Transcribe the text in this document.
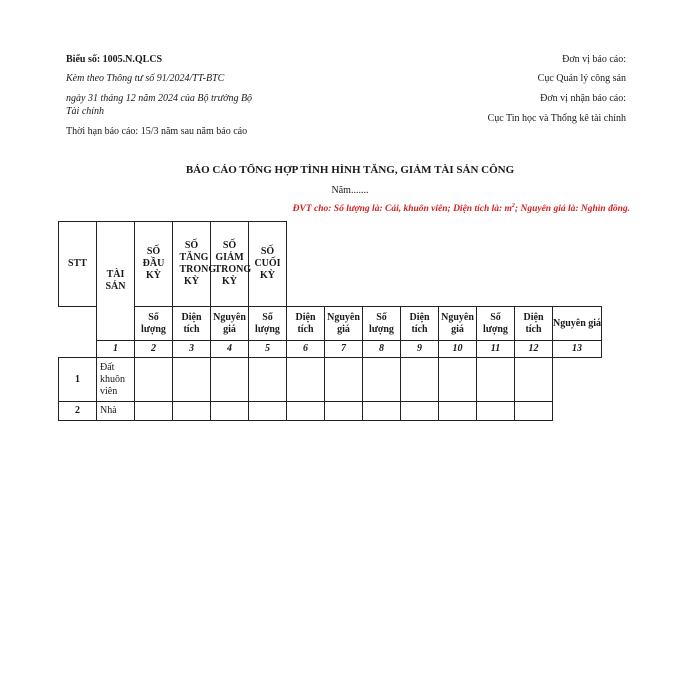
Biểu số: 1005.N.QLCS
Kèm theo Thông tư số 91/2024/TT-BTC
ngày 31 tháng 12 năm 2024 của Bộ trưởng Bộ
Tài chính
Thời hạn báo cáo: 15/3 năm sau năm báo cáo
Đơn vị báo cáo:
Cục Quản lý công sản
Đơn vị nhận báo cáo:
Cục Tin học và Thống kê tài chính
BÁO CÁO TỔNG HỢP TÌNH HÌNH TĂNG, GIẢM TÀI SẢN CÔNG
Năm.......
ĐVT cho: Số lượng là: Cái, khuôn viên; Diện tích là: $m^2$; Nguyên giá là: Nghìn đồng.
STT	TÀI SẢN	SỐ ĐẦU KỲ	SỐ TĂNG TRONG KỲ	SỐ GIẢM TRONG KỲ	SỐ CUỐI KỲ								

		Số lượng	Diện tích	Nguyên giá	Số lượng	Diện tích	Nguyên giá	Số lượng	Diện tích	Nguyên giá	Số lượng	Diện tích	Nguyên giá
	1	2	3	4	5	6	7	8	9	10	11	12	13
1	Đất khuôn viên												
2	Nhà												
